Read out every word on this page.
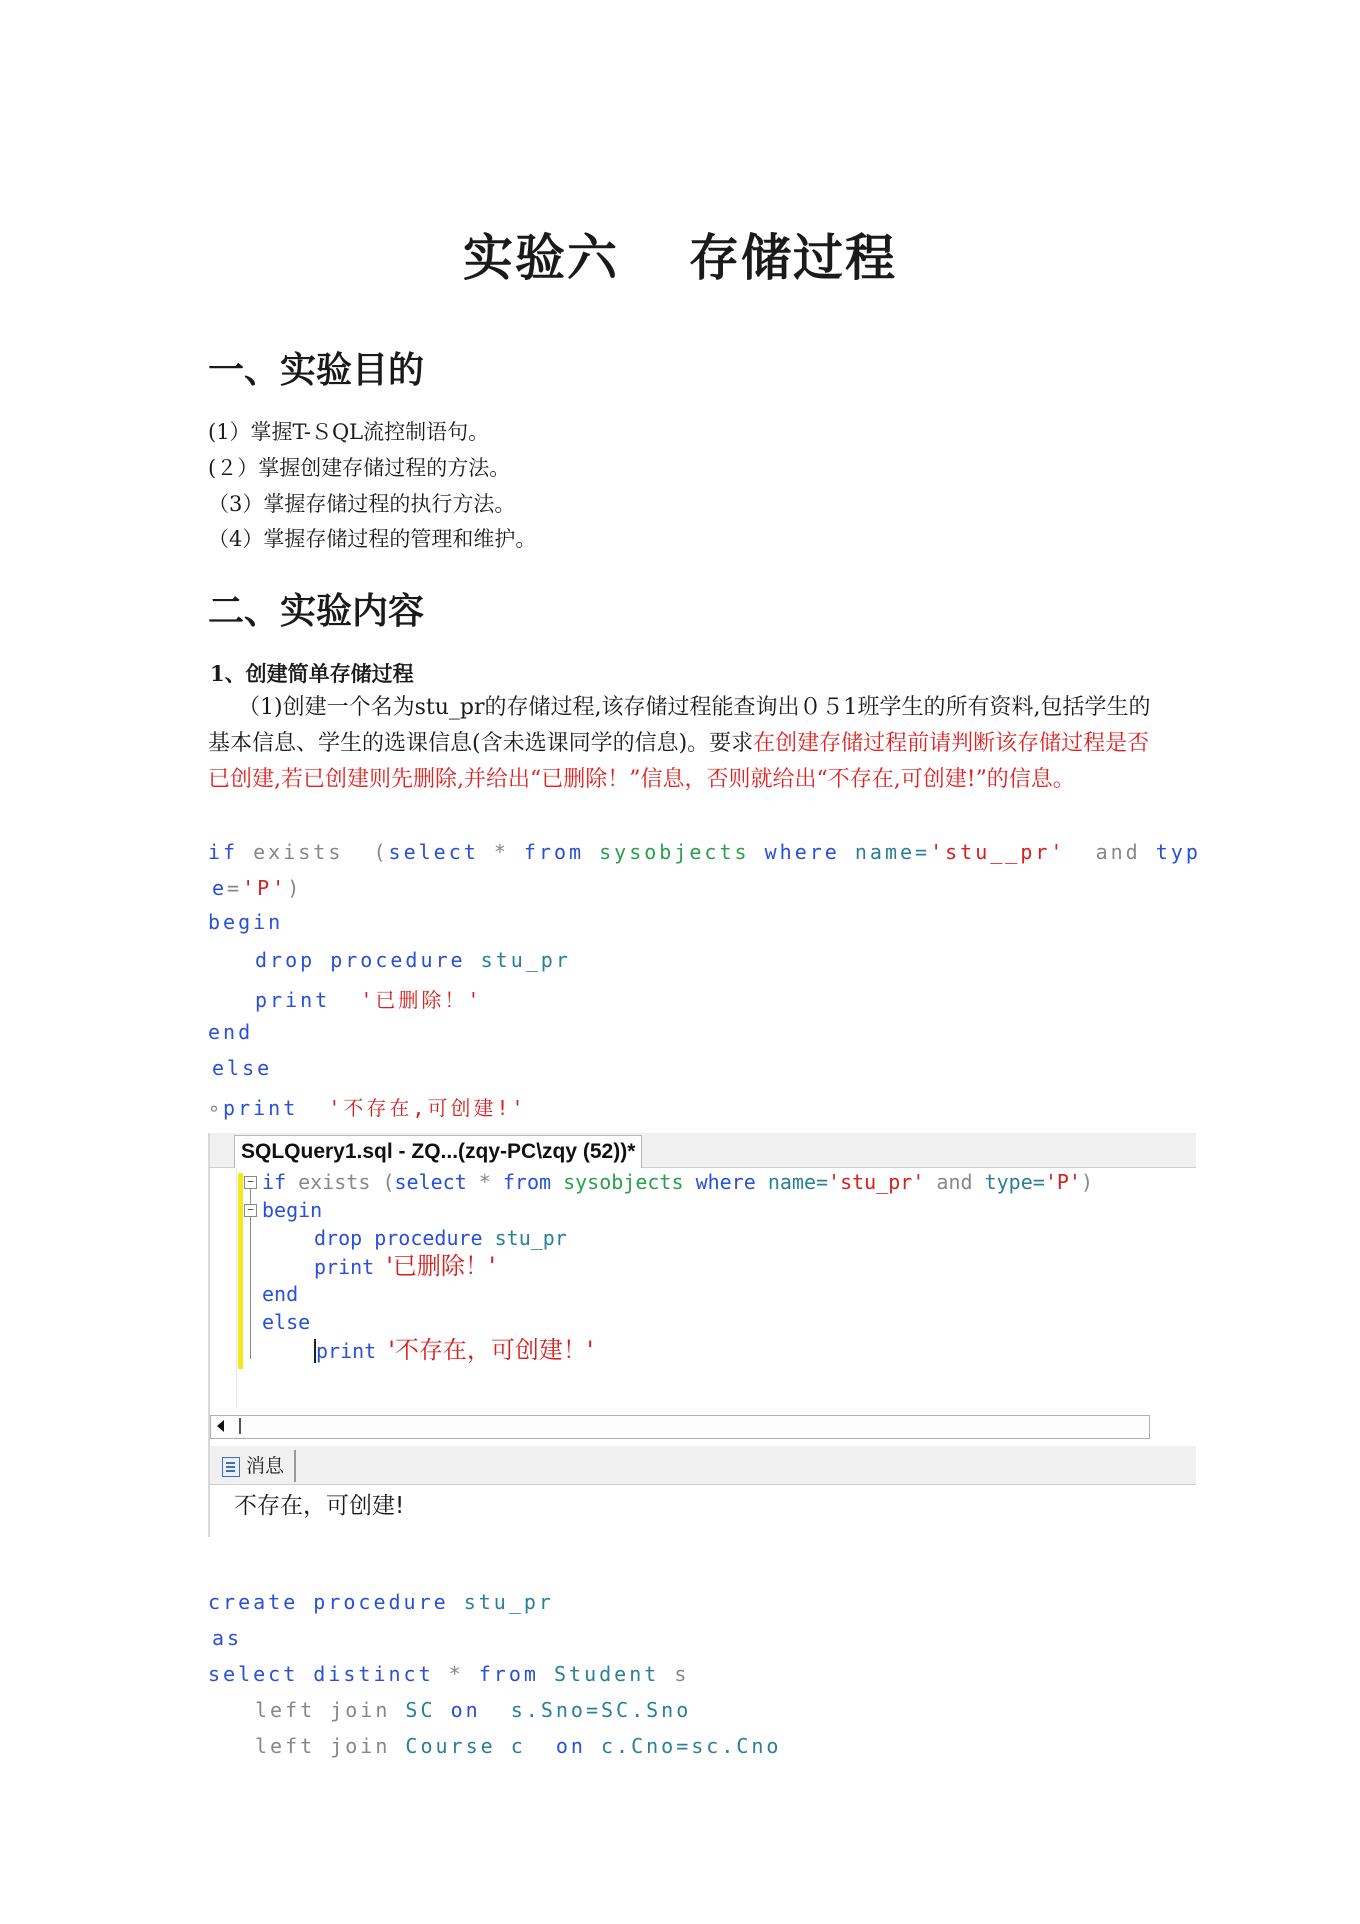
实验六 存储过程
一、实验目的
(1）掌握T-ＳQL流控制语句。
(２）掌握创建存储过程的方法。
（3）掌握存储过程的执行方法。
（4）掌握存储过程的管理和维护。
二、实验内容
1、创建简单存储过程
（1)创建一个名为stu_pr的存储过程,该存储过程能查询出０５1班学生的所有资料,包括学生的基本信息、学生的选课信息(含未选课同学的信息)。要求在创建存储过程前请判断该存储过程是否已创建,若已创建则先删除,并给出“已删除！”信息，否则就给出“不存在,可创建!”的信息。
if exists (select * from sysobjects where name='stu__pr' and typ
e='P')
begin
drop procedure stu_pr
print '已删除！'
end
else
∘print '不存在,可创建!'
SQLQuery1.sql - ZQ...(zqy-PC\zqy (52))*
−
−
if exists (select * from sysobjects where name='stu_pr' and type='P')
begin
drop procedure stu_pr
print '已删除！'
end
else
print '不存在，可创建！'
消息
不存在，可创建!
create procedure stu_pr
as
select distinct * from Student s
left join SC on s.Sno=SC.Sno
left join Course c on c.Cno=sc.Cno
